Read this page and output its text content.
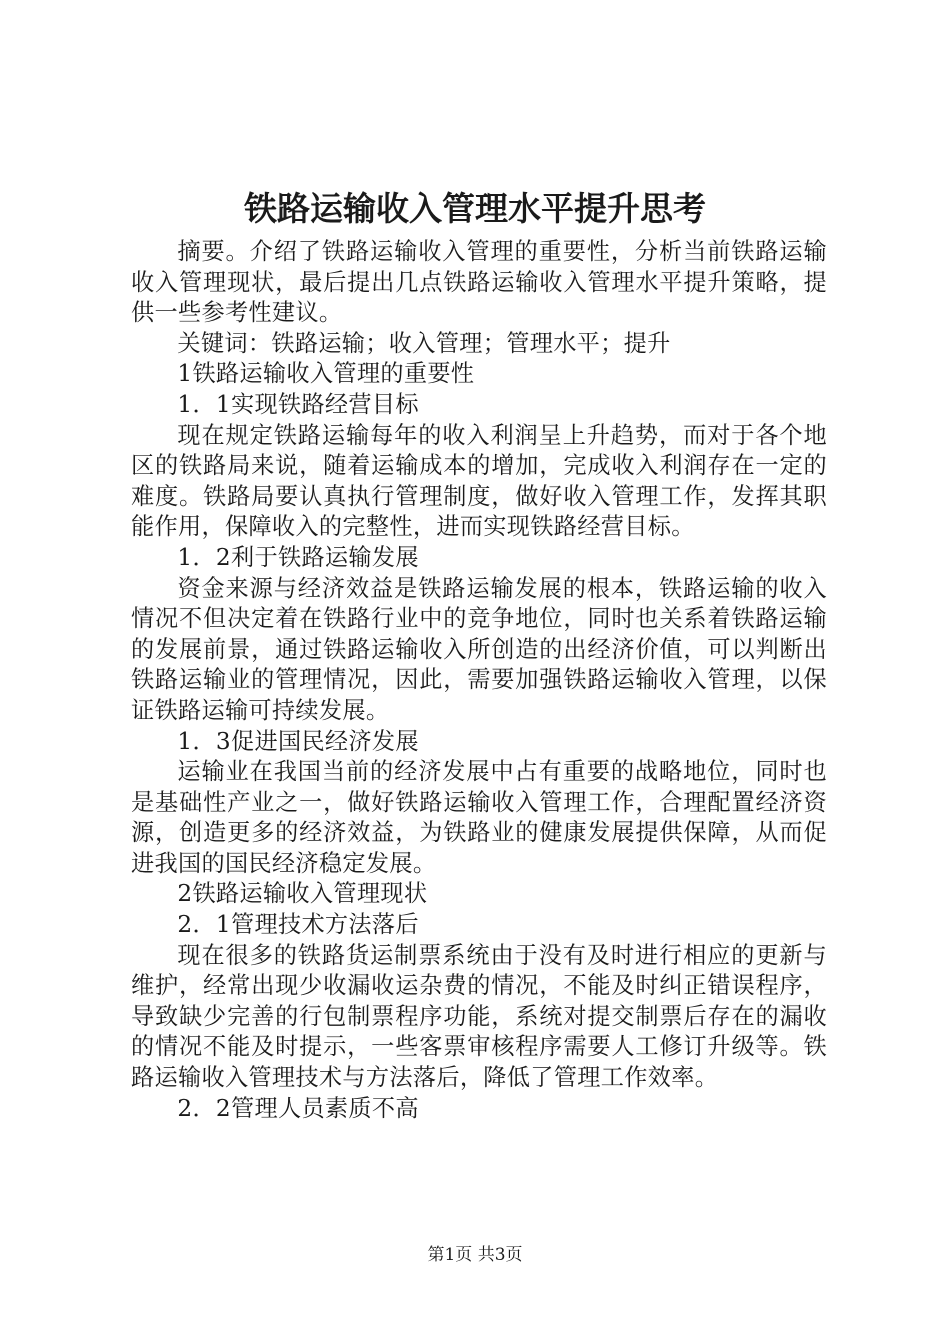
铁路运输收入管理水平提升思考

摘要。介绍了铁路运输收入管理的重要性，分析当前铁路运输收入管理现状，最后提出几点铁路运输收入管理水平提升策略，提供一些参考性建议。

关键词：铁路运输；收入管理；管理水平；提升

1铁路运输收入管理的重要性

1．1实现铁路经营目标

现在规定铁路运输每年的收入利润呈上升趋势，而对于各个地区的铁路局来说，随着运输成本的增加，完成收入利润存在一定的难度。铁路局要认真执行管理制度，做好收入管理工作，发挥其职能作用，保障收入的完整性，进而实现铁路经营目标。

1．2利于铁路运输发展

资金来源与经济效益是铁路运输发展的根本，铁路运输的收入情况不但决定着在铁路行业中的竞争地位，同时也关系着铁路运输的发展前景，通过铁路运输收入所创造的出经济价值，可以判断出铁路运输业的管理情况，因此，需要加强铁路运输收入管理，以保证铁路运输可持续发展。

1．3促进国民经济发展

运输业在我国当前的经济发展中占有重要的战略地位，同时也是基础性产业之一，做好铁路运输收入管理工作，合理配置经济资源，创造更多的经济效益，为铁路业的健康发展提供保障，从而促进我国的国民经济稳定发展。

2铁路运输收入管理现状

2．1管理技术方法落后

现在很多的铁路货运制票系统由于没有及时进行相应的更新与维护，经常出现少收漏收运杂费的情况，不能及时纠正错误程序，导致缺少完善的行包制票程序功能，系统对提交制票后存在的漏收的情况不能及时提示，一些客票审核程序需要人工修订升级等。铁路运输收入管理技术与方法落后，降低了管理工作效率。

2．2管理人员素质不高

第1页 共3页
